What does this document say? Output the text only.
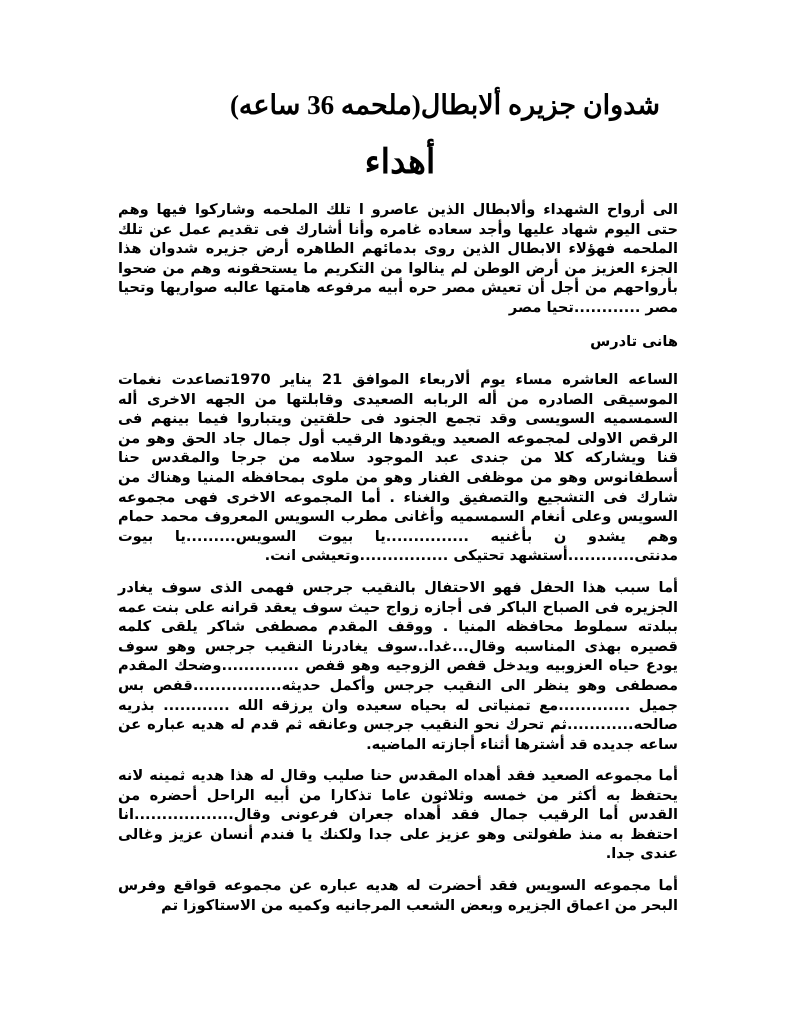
شدوان جزيره ألابطال(ملحمه 36 ساعه)
أهداء
الى أرواح الشهداء وألابطال الذين عاصرو ا تلك الملحمه وشاركوا فيها وهم حتى اليوم شهاد عليها وأجد سعاده غامره وأنا أشارك فى تقديم عمل عن تلك الملحمه فهؤلاء الابطال الذين روى بدمائهم الطاهره أرض جزيره شدوان هذا الجزء العزيز من أرض الوطن لم ينالوا من التكريم ما يستحقونه وهم من ضحوا بأرواحهم من أجل أن تعيش مصر حره أبيه مرفوعه هامتها عالبه صواريها وتحيا مصر ............تحيا مصر
هانى تادرس
الساعه العاشره مساء يوم ألاربعاء الموافق 21 يناير 1970تصاعدت نغمات الموسيقى الصادره من أله الربابه الصعيدى وقابلتها من الجهه الاخرى أله السمسميه السويسى وقد تجمع الجنود فى حلقتين ويتباروا فيما بينهم فى الرقص الاولى لمجموعه الصعيد ويقودها الرقيب أول جمال جاد الحق وهو من قنا ويشاركه كلا من جندى عبد الموجود سلامه من جرجا والمقدس حنا أسطفانوس وهو من موظفى الفنار وهو من ملوى بمحافظه المنيا وهناك من شارك فى التشجيع والتصفيق والغناء . أما المجموعه الاخرى فهى مجموعه السويس وعلى أنغام السمسميه وأغانى مطرب السويس المعروف محمد حمام وهم يشدو ن بأغنيه ...............يا بيوت السويس.........يا بيوت مدنتى............أستشهد تحتيكى ................وتعيشى انت.
أما سبب هذا الحفل فهو الاحتفال بالنقيب جرجس فهمى الذى سوف يغادر الجزيره فى الصباح الباكر فى أجازه زواج حيث سوف يعقد قرانه على بنت عمه ببلدته سملوط محافظه المنيا . ووقف المقدم مصطفى شاكر يلقى كلمه قصيره بهذى المناسبه وقال...غدا..سوف يغادرنا النقيب جرجس وهو سوف يودع حياه العزوبيه ويدخل قفص الزوجيه وهو قفص ..............وضحك المقدم مصطفى وهو ينظر الى النقيب جرجس وأكمل حديثه................قفص بس جميل .............مع تمنياتى له بحياه سعيده وان يرزقه الله ............ بذريه صالحه............ثم تحرك نحو النقيب جرجس وعانقه ثم قدم له هديه عباره عن ساعه جديده قد أشترها أثناء أجازته الماضيه.
أما مجموعه الصعيد فقد أهداه المقدس حنا صليب وقال له هذا هديه ثمينه لانه يحتفظ به أكثر من خمسه وثلاثون عاما تذكارا من أبيه الراحل أحضره من القدس أما الرقيب جمال فقد أهداه جعران فرعونى وقال..................انا احتفظ به منذ طفولتى وهو عزيز على جدا ولكنك يا فندم أنسان عزيز وغالى عندى جدا.
أما مجموعه السويس فقد أحضرت له هديه عباره عن مجموعه قواقع وفرس البحر من اعماق الجزيره وبعض الشعب المرجانيه وكميه من الاستاكوزا تم
